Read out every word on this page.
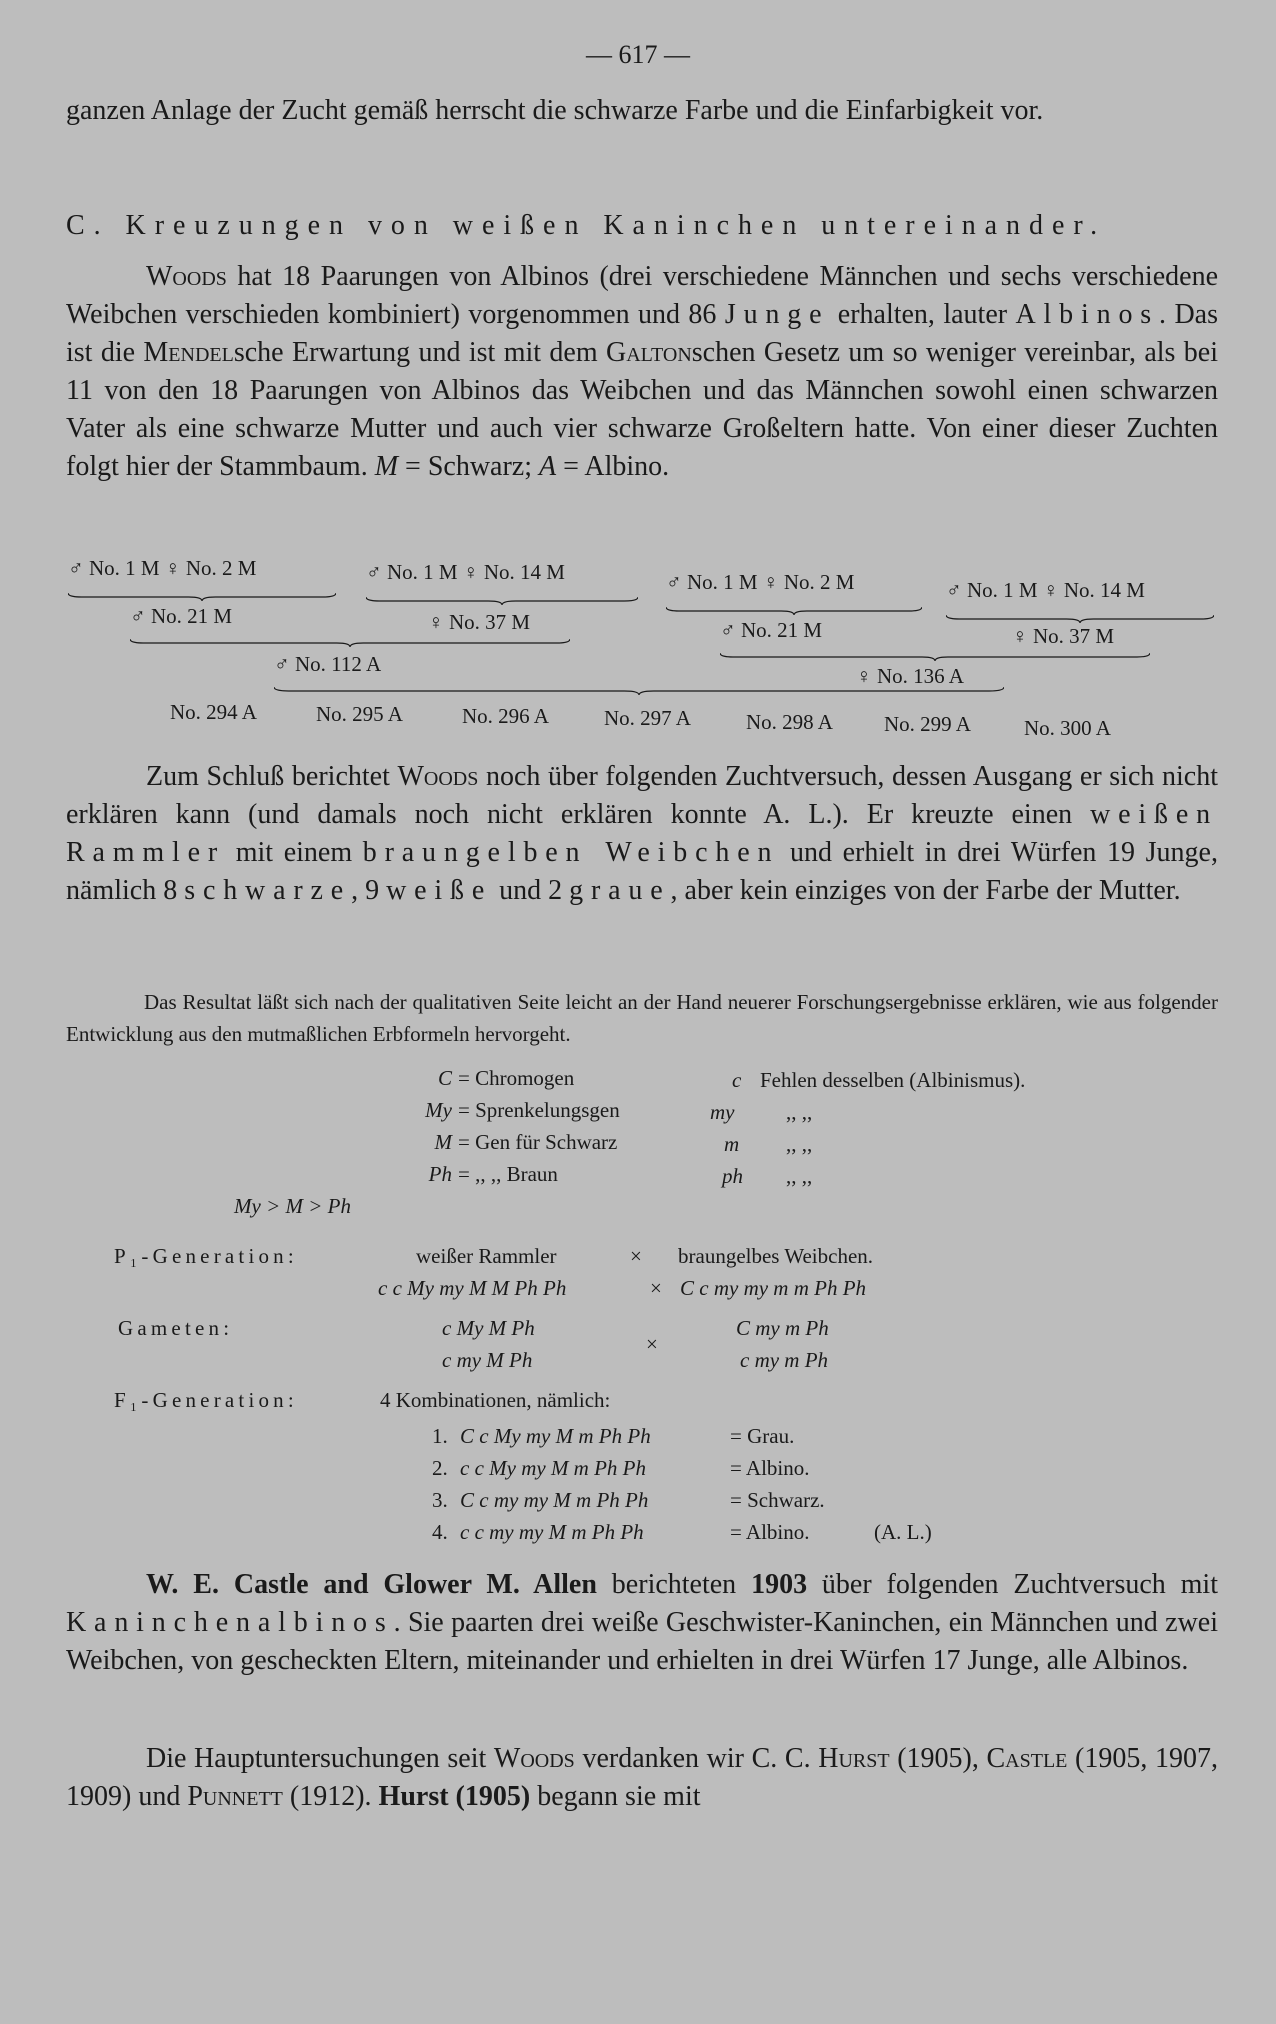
— 617 —

ganzen Anlage der Zucht gemäß herrscht die schwarze Farbe und die Einfarbigkeit vor.

C. Kreuzungen von weißen Kaninchen untereinander.

Woods hat 18 Paarungen von Albinos (drei verschiedene Männchen und sechs verschiedene Weibchen verschieden kombiniert) vorgenommen und 86 Junge erhalten, lauter Albinos. Das ist die Mendelsche Erwartung und ist mit dem Galtonschen Gesetz um so weniger vereinbar, als bei 11 von den 18 Paarungen von Albinos das Weibchen und das Männchen sowohl einen schwarzen Vater als eine schwarze Mutter und auch vier schwarze Großeltern hatte. Von einer dieser Zuchten folgt hier der Stammbaum. M = Schwarz; A = Albino.

♂ No. 1 M ♀ No. 2 M	♂ No. 1 M ♀ No. 14 M	♂ No. 1 M ♀ No. 2 M	♂ No. 1 M ♀ No. 14 M
♂ No. 21 M	♀ No. 37 M	♂ No. 21 M	♀ No. 37 M
♂ No. 112 A	♀ No. 136 A
No. 294 A	No. 295 A	No. 296 A	No. 297 A	No. 298 A No. 299 A	No. 300 A

Zum Schluß berichtet Woods noch über folgenden Zuchtversuch, dessen Ausgang er sich nicht erklären kann (und damals noch nicht erklären konnte A. L.). Er kreuzte einen weißen Rammler mit einem braungelben Weibchen und erhielt in drei Würfen 19 Junge, nämlich 8 schwarze, 9 weiße und 2 graue, aber kein einziges von der Farbe der Mutter.

Das Resultat läßt sich nach der qualitativen Seite leicht an der Hand neuerer Forschungsergebnisse erklären, wie aus folgender Entwicklung aus den mutmaßlichen Erbformeln hervorgeht.

C = Chromogen	c Fehlen desselben (Albinismus).
My = Sprenkelungsgen	my ,, ,,
M = Gen für Schwarz	m ,, ,,
Ph = ,, ,, Braun	ph ,, ,,
My > M > Ph
P₁-Generation:	weißer Rammler	× braungelbes Weibchen.
c c My my M M Ph Ph	× C c my my m m Ph Ph
Gameten:	c My M Ph
c my M Ph
×
C my m Ph
c my m Ph
F₁-Generation:	4 Kombinationen, nämlich:
1. C c My my M m Ph Ph	= Grau.
2. c c My my M m Ph Ph	= Albino.
3. C c my my M m Ph Ph	= Schwarz.
4. c c my my M m Ph Ph	= Albino.	(A. L.)

W. E. Castle and Glower M. Allen berichteten 1903 über folgenden Zuchtversuch mit Kaninchenalbinos. Sie paarten drei weiße Geschwister-Kaninchen, ein Männchen und zwei Weibchen, von gescheckten Eltern, miteinander und erhielten in drei Würfen 17 Junge, alle Albinos.

Die Hauptuntersuchungen seit Woods verdanken wir C. C. Hurst (1905), Castle (1905, 1907, 1909) und Punnett (1912). Hurst (1905) begann sie mit
